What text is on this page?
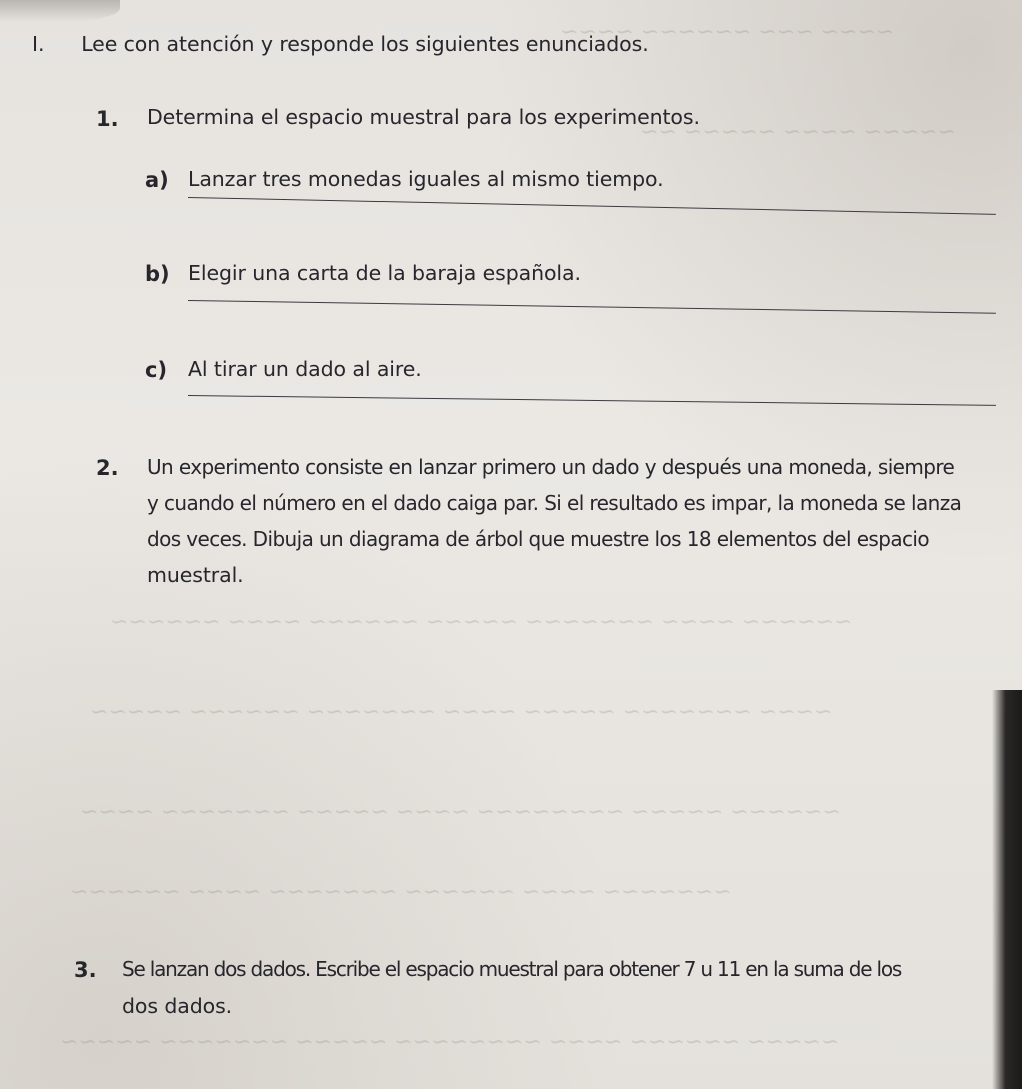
~~~~ ~~~ ~~~~~~ ~~~~
~~~~~ ~~~~ ~~~~~ ~~
~~~~~~ ~~~~ ~~~~~~~ ~~~~~ ~~~~~~ ~~~~ ~~~~~~
~~~~ ~~~~~~~ ~~~~~ ~~~~ ~~~~~~~ ~~~~~~ ~~~~~
~~~~~~ ~~~~~ ~~~~~~~~ ~~~~ ~~~~~ ~~~~~~~ ~~~~
~~~~~~~ ~~~~ ~~~~~~ ~~~~~~~ ~~~~ ~~~~~~
~~~~~ ~~~~~~ ~~~~ ~~~~~~~~ ~~~~~ ~~~~~~~ ~~~~~
I. Lee con atención y responde los siguientes enunciados.
1. Determina el espacio muestral para los experimentos.
a) Lanzar tres monedas iguales al mismo tiempo.
b) Elegir una carta de la baraja española.
c) Al tirar un dado al aire.
2. Un experimento consiste en lanzar primero un dado y después una moneda, siempre
y cuando el número en el dado caiga par. Si el resultado es impar, la moneda se lanza
dos veces. Dibuja un diagrama de árbol que muestre los 18 elementos del espacio
muestral.
3. Se lanzan dos dados. Escribe el espacio muestral para obtener 7 u 11 en la suma de los
dos dados.
